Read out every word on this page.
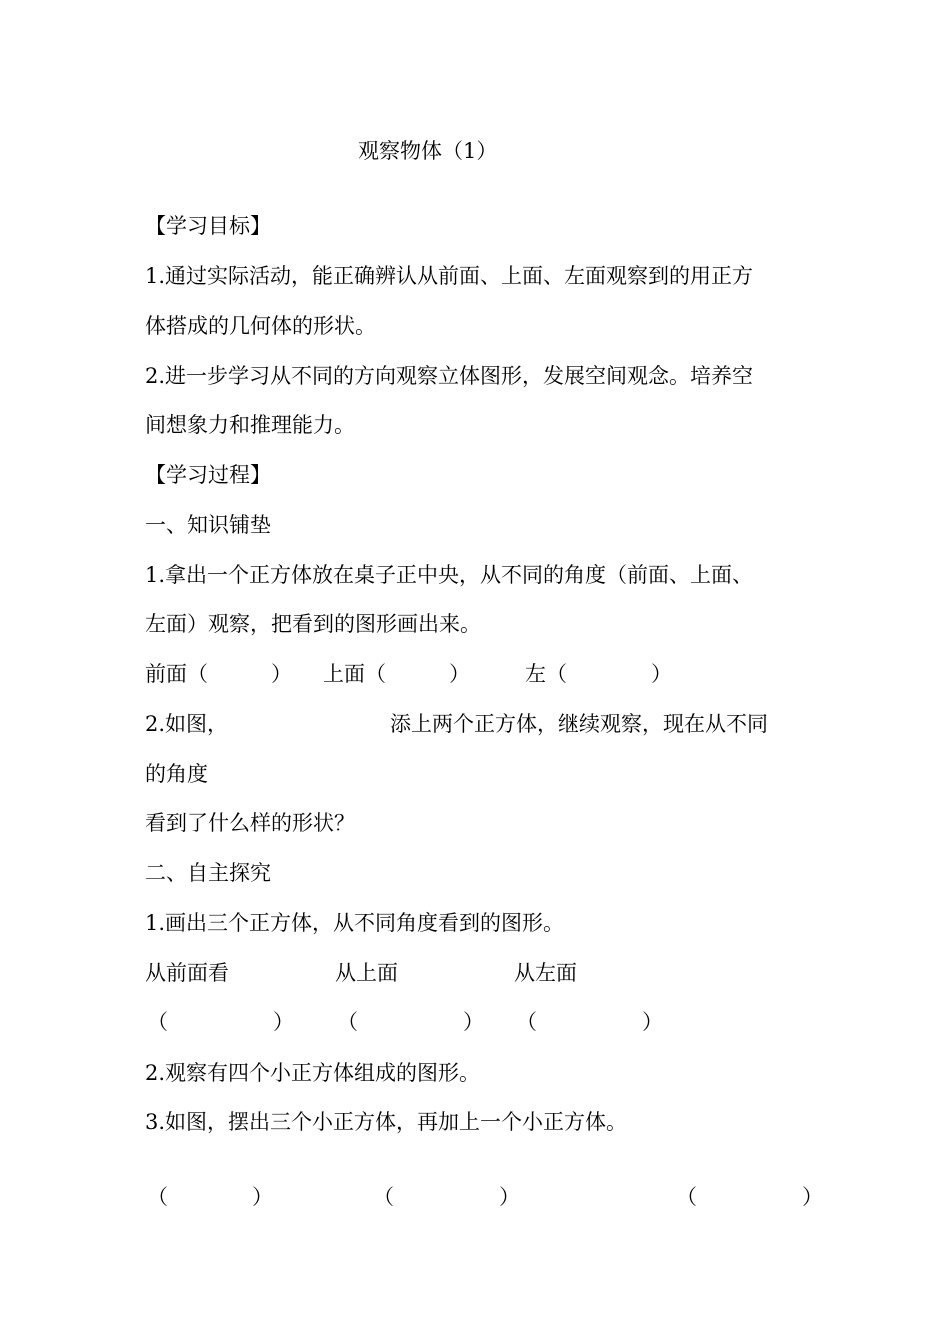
观察物体（1）
【学习目标】
1.通过实际活动，能正确辨认从前面、上面、左面观察到的用正方
体搭成的几何体的形状。
2.进一步学习从不同的方向观察立体图形，发展空间观念。培养空
间想象力和推理能力。
【学习过程】
一、知识铺垫
1.拿出一个正方体放在桌子正中央，从不同的角度（前面、上面、
左面）观察，把看到的图形画出来。
前面（　　　） 上面（　　　）	左（　　　　）
2.如图，	添上两个正方体，继续观察，现在从不同
的角度
看到了什么样的形状？
二、自主探究
1.画出三个正方体，从不同角度看到的图形。
从前面看	从上面	从左面
（　　　　　） （　　　　　） （　　　　　）
2.观察有四个小正方体组成的图形。
3.如图，摆出三个小正方体，再加上一个小正方体。
（　　　　）	（　　　　　）	（　　　　　）
